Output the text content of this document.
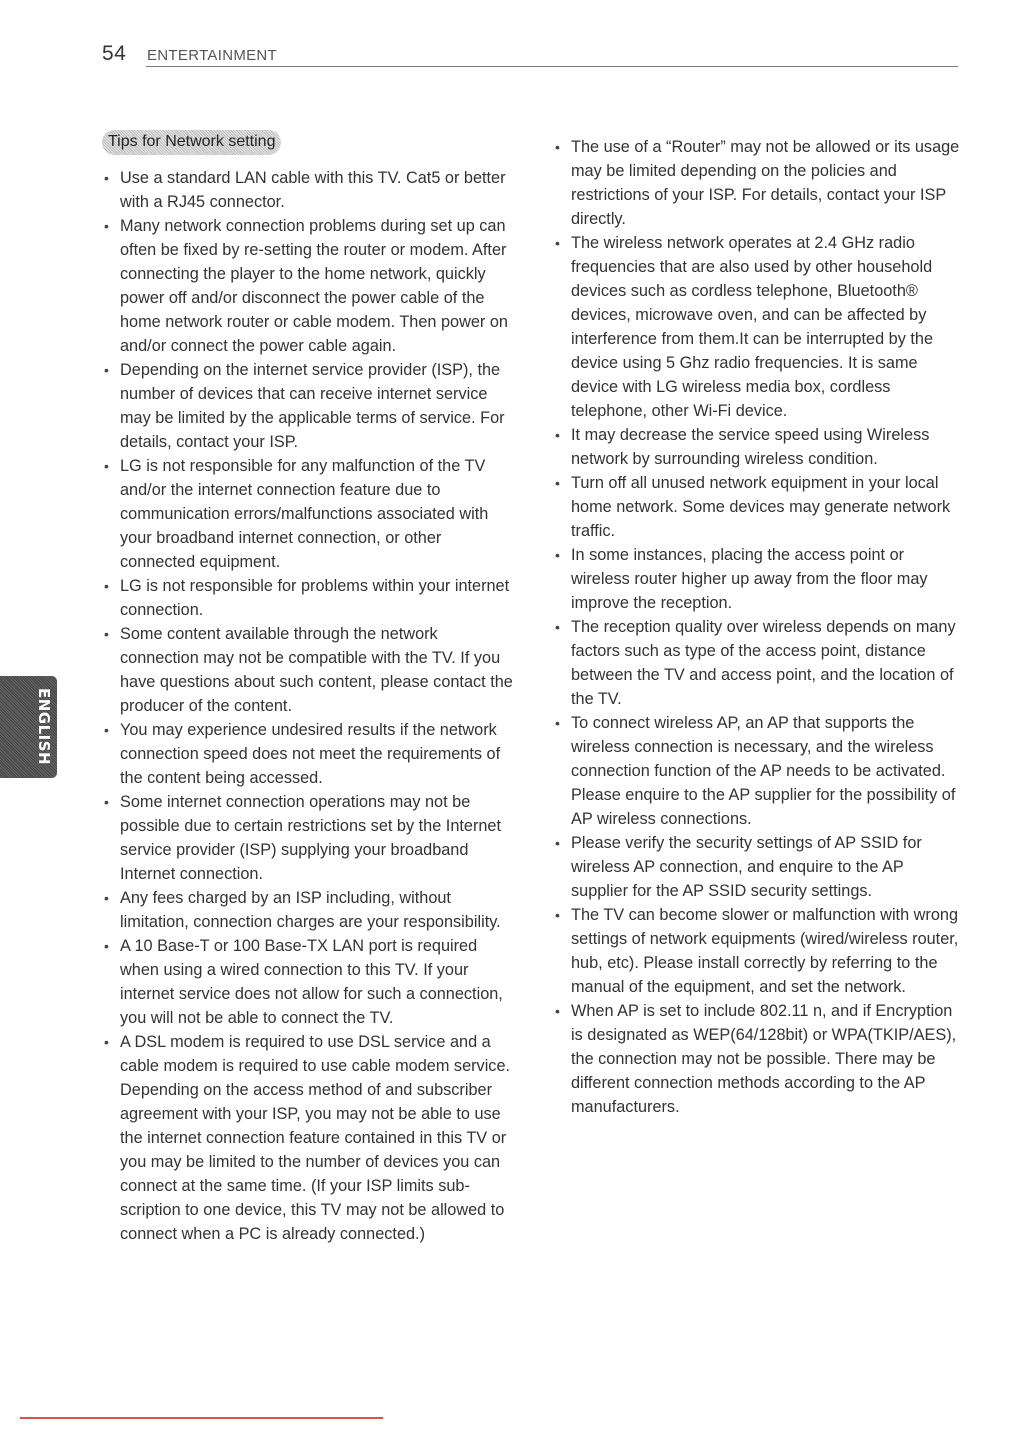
54 ENTERTAINMENT
ENGLISH
Tips for Network setting
• Use a standard LAN cable with this TV. Cat5 or better with a RJ45 connector.
• Many network connection problems during set up can often be fixed by re-setting the router or modem. After connecting the player to the home network, quickly power off and/or disconnect the power cable of the home network router or cable modem. Then power on and/or connect the power cable again.
• Depending on the internet service provider (ISP), the number of devices that can receive internet service may be limited by the applicable terms of service. For details, contact your ISP.
• LG is not responsible for any malfunction of the TV and/or the internet connection feature due to communication errors/malfunctions associated with your broadband internet connection, or other connected equipment.
• LG is not responsible for problems within your internet connection.
• Some content available through the network connection may not be compatible with the TV. If you have questions about such content, please contact the producer of the content.
• You may experience undesired results if the network connection speed does not meet the requirements of the content being accessed.
• Some internet connection operations may not be possible due to certain restrictions set by the Internet service provider (ISP) supplying your broadband Internet connection.
• Any fees charged by an ISP including, without limitation, connection charges are your responsibility.
• A 10 Base-T or 100 Base-TX LAN port is required when using a wired connection to this TV. If your internet service does not allow for such a connection, you will not be able to connect the TV.
• A DSL modem is required to use DSL service and a cable modem is required to use cable modem service. Depending on the access method of and subscriber agreement with your ISP, you may not be able to use the internet connection feature contained in this TV or you may be limited to the number of devices you can connect at the same time. (If your ISP limits sub-scription to one device, this TV may not be allowed to connect when a PC is already connected.)
• The use of a “Router” may not be allowed or its usage may be limited depending on the policies and restrictions of your ISP. For details, contact your ISP directly.
• The wireless network operates at 2.4 GHz radio frequencies that are also used by other household devices such as cordless telephone, Bluetooth® devices, microwave oven, and can be affected by interference from them.It can be interrupted by the device using 5 Ghz radio frequencies. It is same device with LG wireless media box, cordless telephone, other Wi-Fi device.
• It may decrease the service speed using Wireless network by surrounding wireless condition.
• Turn off all unused network equipment in your local home network. Some devices may generate network traffic.
• In some instances, placing the access point or wireless router higher up away from the floor may improve the reception.
• The reception quality over wireless depends on many factors such as type of the access point, distance between the TV and access point, and the location of the TV.
• To connect wireless AP, an AP that supports the wireless connection is necessary, and the wireless connection function of the AP needs to be activated. Please enquire to the AP supplier for the possibility of AP wireless connections.
• Please verify the security settings of AP SSID for wireless AP connection, and enquire to the AP supplier for the AP SSID security settings.
• The TV can become slower or malfunction with wrong settings of network equipments (wired/wireless router, hub, etc). Please install correctly by referring to the manual of the equipment, and set the network.
• When AP is set to include 802.11 n, and if Encryption is designated as WEP(64/128bit) or WPA(TKIP/AES), the connection may not be possible. There may be different connection methods according to the AP manufacturers.
